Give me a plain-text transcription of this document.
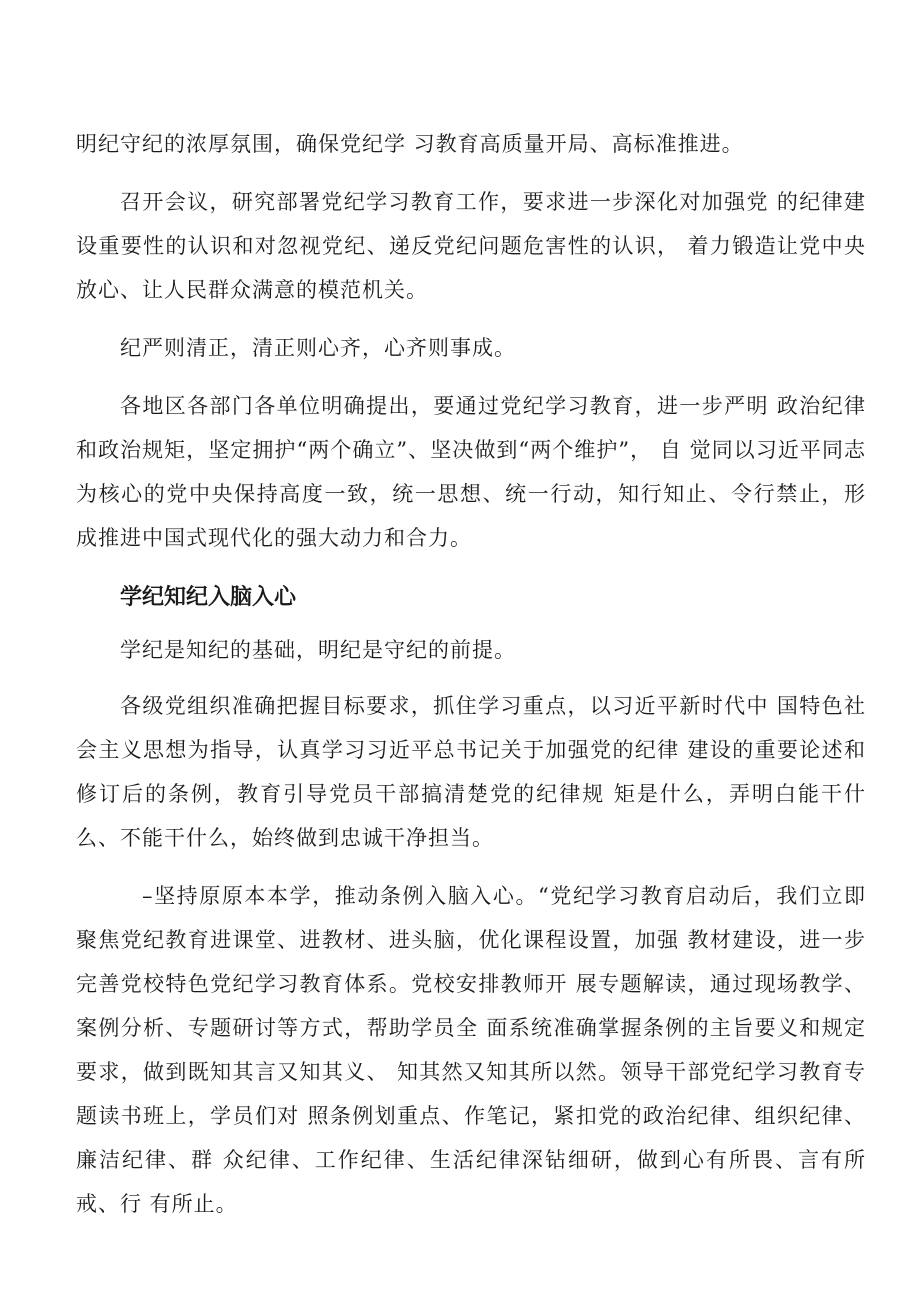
明纪守纪的浓厚氛围，确保党纪学 习教育高质量开局、高标准推进。

召开会议，研究部署党纪学习教育工作，要求进一步深化对加强党 的纪律建设重要性的认识和对忽视党纪、递反党纪问题危害性的认识， 着力锻造让党中央放心、让人民群众满意的模范机关。

纪严则清正，清正则心齐，心齐则事成。

各地区各部门各单位明确提出，要通过党纪学习教育，进一步严明 政治纪律和政治规矩，坚定拥护“两个确立”、坚决做到“两个维护”， 自 觉同以习近平同志为核心的党中央保持高度一致，统一思想、统一行动，知行知止、令行禁止，形成推进中国式现代化的强大动力和合力。

学纪知纪入脑入心

学纪是知纪的基础，明纪是守纪的前提。

各级党组织准确把握目标要求，抓住学习重点，以习近平新时代中 国特色社会主义思想为指导，认真学习习近平总书记关于加强党的纪律 建设的重要论述和修订后的条例，教育引导党员干部搞清楚党的纪律规 矩是什么，弄明白能干什么、不能干什么，始终做到忠诚干净担当。

–坚持原原本本学，推动条例入脑入心。“党纪学习教育启动后，我们立即聚焦党纪教育进课堂、进教材、进头脑，优化课程设置，加强 教材建设，进一步完善党校特色党纪学习教育体系。党校安排教师开 展专题解读，通过现场教学、案例分析、专题研讨等方式，帮助学员全 面系统准确掌握条例的主旨要义和规定要求，做到既知其言又知其义、 知其然又知其所以然。领导干部党纪学习教育专题读书班上，学员们对 照条例划重点、作笔记，紧扣党的政治纪律、组织纪律、廉洁纪律、群 众纪律、工作纪律、生活纪律深钻细研，做到心有所畏、言有所戒、行 有所止。
